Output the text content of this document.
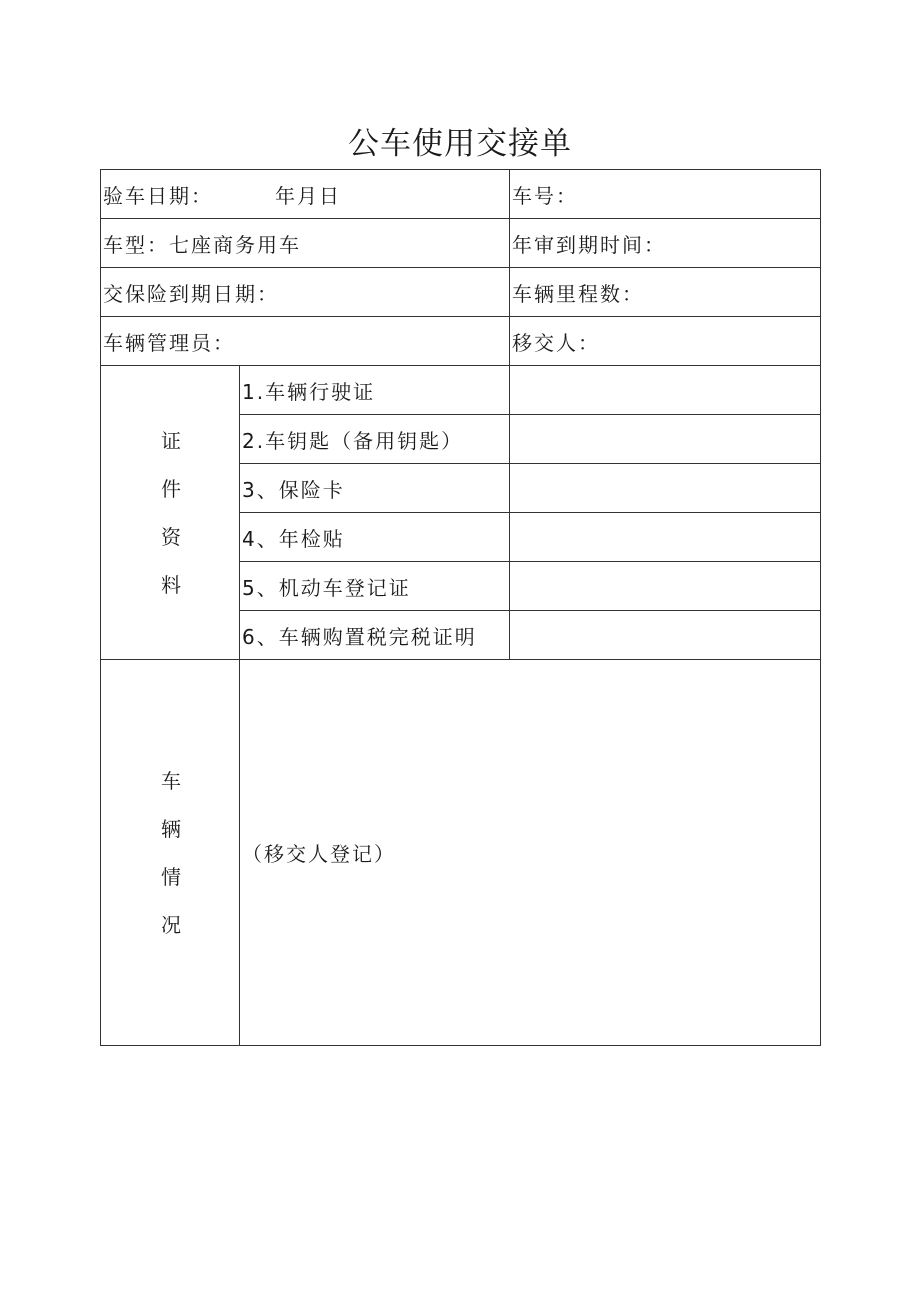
公车使用交接单
验车日期： 年月日		车号：
车型：七座商务用车		年审到期时间：
交保险到期日期：		车辆里程数：
车辆管理员：		移交人：
证件资料	1.车辆行驶证	
	2.车钥匙（备用钥匙）	
	3、保险卡	
	4、年检贴	
	5、机动车登记证	
	6、车辆购置税完税证明	
车辆情况	（移交人登记）	
